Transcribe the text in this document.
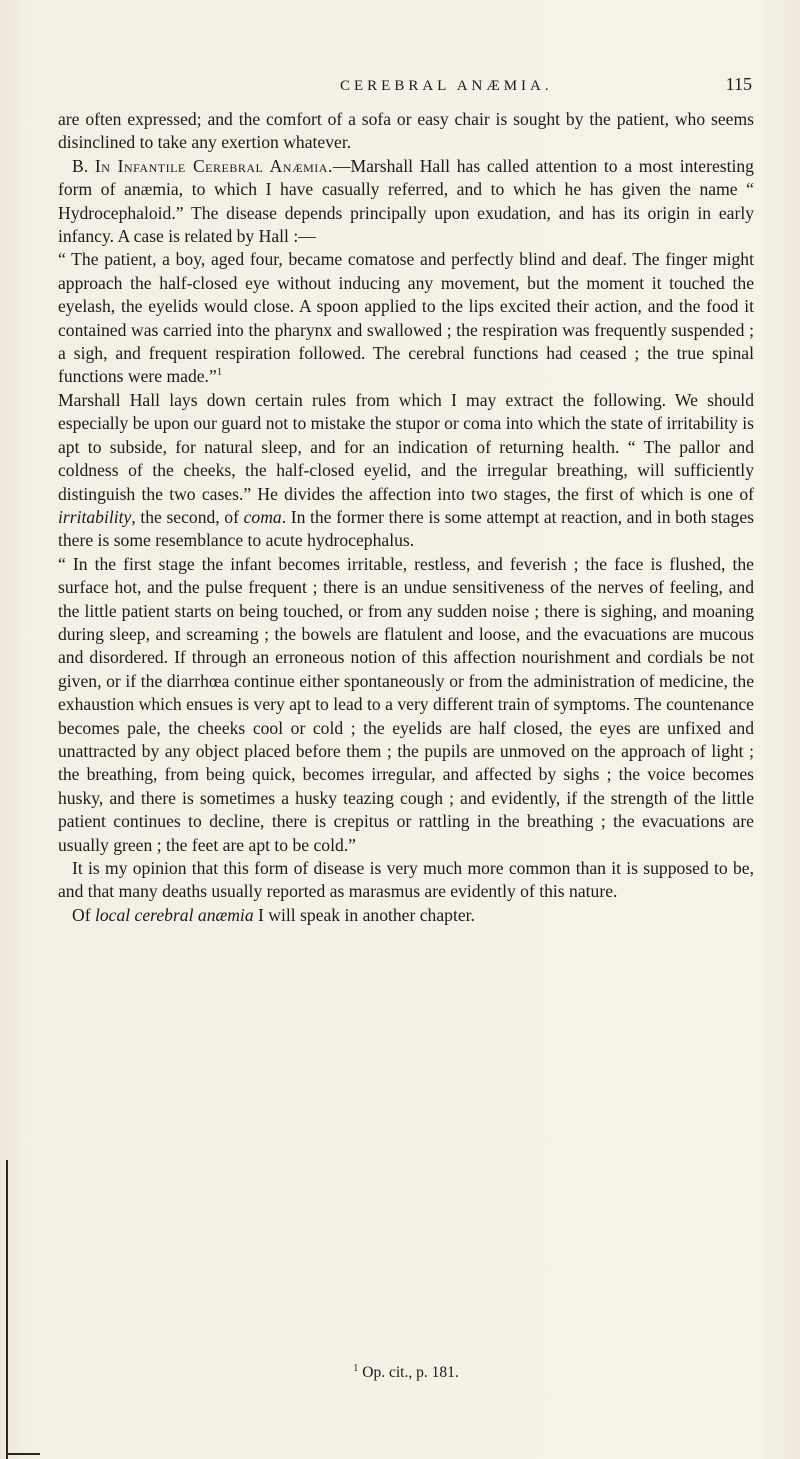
CEREBRAL ANÆMIA.	115

are often expressed; and the comfort of a sofa or easy chair is sought by the patient, who seems disinclined to take any exertion whatever.

B. In Infantile Cerebral Anæmia.—Marshall Hall has called attention to a most interesting form of anæmia, to which I have casually referred, and to which he has given the name “ Hydrocephaloid.” The disease depends principally upon exudation, and has its origin in early infancy. A case is related by Hall :—

“ The patient, a boy, aged four, became comatose and perfectly blind and deaf. The finger might approach the half-closed eye without inducing any movement, but the moment it touched the eyelash, the eyelids would close. A spoon applied to the lips excited their action, and the food it contained was carried into the pharynx and swallowed ; the respiration was frequently suspended ; a sigh, and frequent respiration followed. The cerebral functions had ceased ; the true spinal functions were made.”$^1$

Marshall Hall lays down certain rules from which I may extract the following. We should especially be upon our guard not to mistake the stupor or coma into which the state of irritability is apt to subside, for natural sleep, and for an indication of returning health. “ The pallor and coldness of the cheeks, the half-closed eyelid, and the irregular breathing, will sufficiently distinguish the two cases.” He divides the affection into two stages, the first of which is one of irritability, the second, of coma. In the former there is some attempt at reaction, and in both stages there is some resemblance to acute hydrocephalus.

“ In the first stage the infant becomes irritable, restless, and feverish ; the face is flushed, the surface hot, and the pulse frequent ; there is an undue sensitiveness of the nerves of feeling, and the little patient starts on being touched, or from any sudden noise ; there is sighing, and moaning during sleep, and screaming ; the bowels are flatulent and loose, and the evacuations are mucous and disordered. If through an erroneous notion of this affection nourishment and cordials be not given, or if the diarrhœa continue either spontaneously or from the administration of medicine, the exhaustion which ensues is very apt to lead to a very different train of symptoms. The countenance becomes pale, the cheeks cool or cold ; the eyelids are half closed, the eyes are unfixed and unattracted by any object placed before them ; the pupils are unmoved on the approach of light ; the breathing, from being quick, becomes irregular, and affected by sighs ; the voice becomes husky, and there is sometimes a husky teazing cough ; and evidently, if the strength of the little patient continues to decline, there is crepitus or rattling in the breathing ; the evacuations are usually green ; the feet are apt to be cold.”

It is my opinion that this form of disease is very much more common than it is supposed to be, and that many deaths usually reported as marasmus are evidently of this nature.

Of local cerebral anæmia I will speak in another chapter.

$^1$ Op. cit., p. 181.
